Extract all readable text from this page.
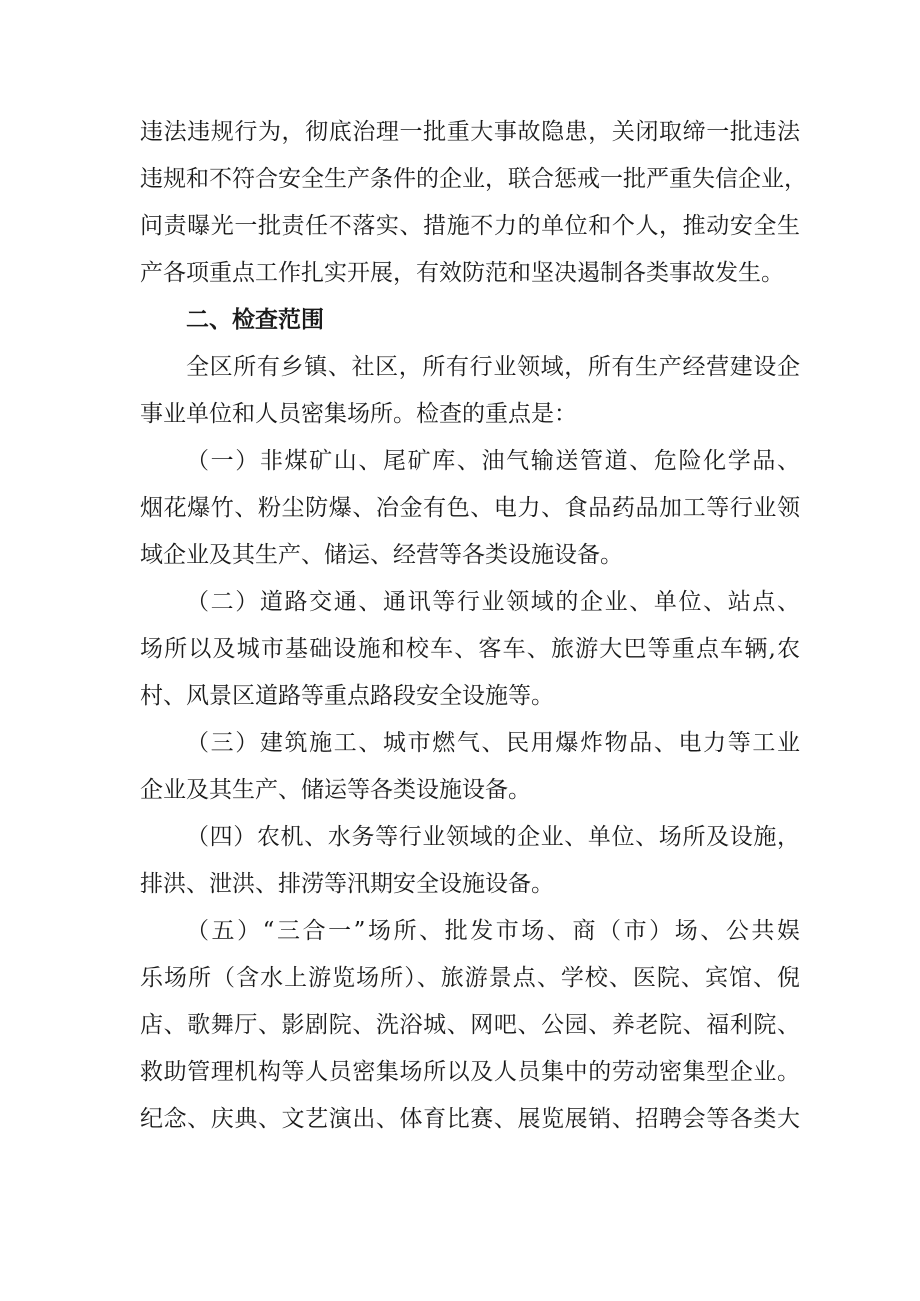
违法违规行为，彻底治理一批重大事故隐患，关闭取缔一批违法
违规和不符合安全生产条件的企业，联合惩戒一批严重失信企业，
问责曝光一批责任不落实、措施不力的单位和个人，推动安全生
产各项重点工作扎实开展，有效防范和坚决遏制各类事故发生。
二、检查范围
全区所有乡镇、社区，所有行业领域，所有生产经营建设企
事业单位和人员密集场所。检查的重点是：
（一）非煤矿山、尾矿库、油气输送管道、危险化学品、
烟花爆竹、粉尘防爆、冶金有色、电力、食品药品加工等行业领
域企业及其生产、储运、经营等各类设施设备。
（二）道路交通、通讯等行业领域的企业、单位、站点、
场所以及城市基础设施和校车、客车、旅游大巴等重点车辆,农
村、风景区道路等重点路段安全设施等。
（三）建筑施工、城市燃气、民用爆炸物品、电力等工业
企业及其生产、储运等各类设施设备。
（四）农机、水务等行业领域的企业、单位、场所及设施，
排洪、泄洪、排涝等汛期安全设施设备。
（五）“三合一”场所、批发市场、商（市）场、公共娱
乐场所（含水上游览场所）、旅游景点、学校、医院、宾馆、倪
店、歌舞厅、影剧院、洗浴城、网吧、公园、养老院、福利院、
救助管理机构等人员密集场所以及人员集中的劳动密集型企业。
纪念、庆典、文艺演出、体育比赛、展览展销、招聘会等各类大
